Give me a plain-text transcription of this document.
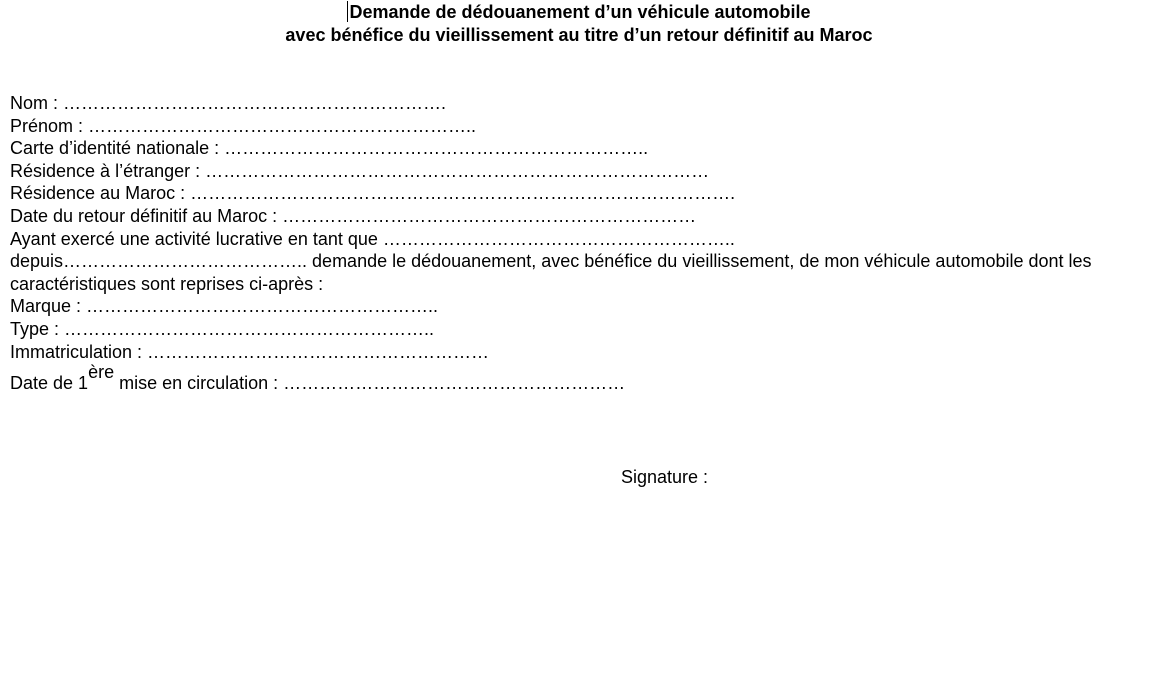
Demande de dédouanement d’un véhicule automobile
avec bénéfice du vieillissement au titre d’un retour définitif au Maroc
Nom : ……………………………………………………….
Prénom : ………………………………………………………..
Carte d’identité nationale : ……………………………………………………………..
Résidence à l’étranger : …………………………………………………………………………
Résidence au Maroc : ……………………………………………………………………………….
Date du retour définitif au Maroc : ……………………………………………………………
Ayant exercé une activité lucrative en tant que …………………………………………………..
depuis………………………………….. demande le dédouanement, avec bénéfice du vieillissement, de mon véhicule automobile dont les caractéristiques sont reprises ci-après :
Marque : …………………………………………………..
Type : ……………………………………………………..
Immatriculation : …………………………………………………
Date de 1ère mise en circulation : …………………………………………………
Signature :
